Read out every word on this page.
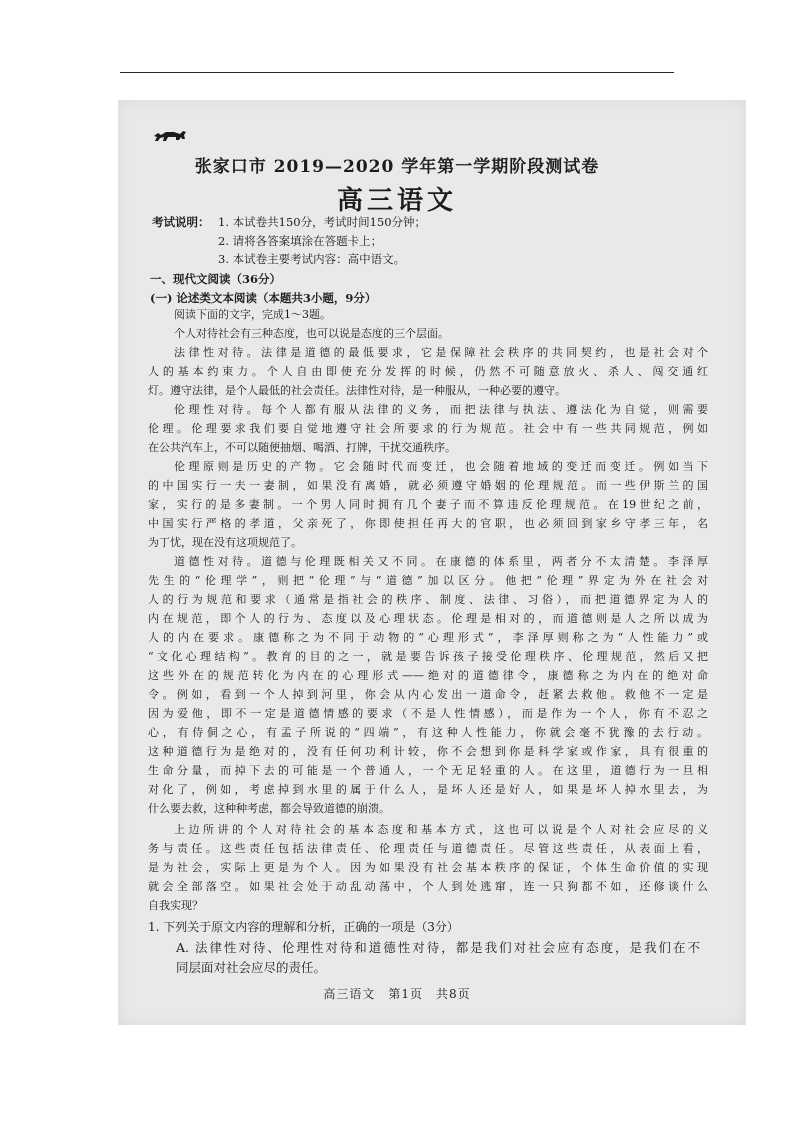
张家口市 2019—2020 学年第一学期阶段测试卷
高三语文
考试说明： 1. 本试卷共150分，考试时间150分钟；
2. 请将各答案填涂在答题卡上；
3. 本试卷主要考试内容：高中语文。
一、现代文阅读（36分）
(一) 论述类文本阅读（本题共3小题，9分）
阅读下面的文字，完成1～3题。
个人对待社会有三种态度，也可以说是态度的三个层面。
法律性对待。法律是道德的最低要求，它是保障社会秩序的共同契约，也是社会对个
人的基本约束力。个人自由即使充分发挥的时候，仍然不可随意放火、杀人、闯交通红
灯。遵守法律，是个人最低的社会责任。法律性对待，是一种服从，一种必要的遵守。
伦理性对待。每个人都有服从法律的义务，而把法律与执法、遵法化为自觉，则需要
伦理。伦理要求我们要自觉地遵守社会所要求的行为规范。社会中有一些共同规范，例如
在公共汽车上，不可以随便抽烟、喝酒、打牌，干扰交通秩序。
伦理原则是历史的产物。它会随时代而变迁，也会随着地域的变迁而变迁。例如当下
的中国实行一夫一妻制，如果没有离婚，就必须遵守婚姻的伦理规范。而一些伊斯兰的国
家，实行的是多妻制。一个男人同时拥有几个妻子而不算违反伦理规范。在19世纪之前，
中国实行严格的孝道，父亲死了，你即使担任再大的官职，也必须回到家乡守孝三年，名
为丁忧，现在没有这项规范了。
道德性对待。道德与伦理既相关又不同。在康德的体系里，两者分不太清楚。李泽厚
先生的“伦理学”，则把“伦理”与“道德”加以区分。他把“伦理”界定为外在社会对
人的行为规范和要求（通常是指社会的秩序、制度、法律、习俗），而把道德界定为人的
内在规范，即个人的行为、态度以及心理状态。伦理是相对的，而道德则是人之所以成为
人的内在要求。康德称之为不同于动物的“心理形式”，李泽厚则称之为“人性能力”或
“文化心理结构”。教育的目的之一，就是要告诉孩子接受伦理秩序、伦理规范，然后又把
这些外在的规范转化为内在的心理形式——绝对的道德律令，康德称之为内在的绝对命
令。例如，看到一个人掉到河里，你会从内心发出一道命令，赶紧去救他。救他不一定是
因为爱他，即不一定是道德情感的要求（不是人性情感），而是作为一个人，你有不忍之
心，有侍侗之心，有孟子所说的“四端”，有这种人性能力，你就会毫不犹豫的去行动。
这种道德行为是绝对的，没有任何功利计较，你不会想到你是科学家或作家，具有很重的
生命分量，而掉下去的可能是一个普通人，一个无足轻重的人。在这里，道德行为一旦相
对化了，例如，考虑掉到水里的属于什么人，是坏人还是好人，如果是坏人掉水里去，为
什么要去救，这种种考虑，都会导致道德的崩溃。
上边所讲的个人对待社会的基本态度和基本方式，这也可以说是个人对社会应尽的义
务与责任。这些责任包括法律责任、伦理责任与道德责任。尽管这些责任，从表面上看，
是为社会，实际上更是为个人。因为如果没有社会基本秩序的保证，个体生命价值的实现
就会全部落空。如果社会处于动乱动荡中，个人到处逃窜，连一只狗都不如，还修谈什么
自我实现？
1. 下列关于原文内容的理解和分析，正确的一项是（3分）
A. 法律性对待、伦理性对待和道德性对待，都是我们对社会应有态度，是我们在不
同层面对社会应尽的责任。
高三语文　第1页　共8页
